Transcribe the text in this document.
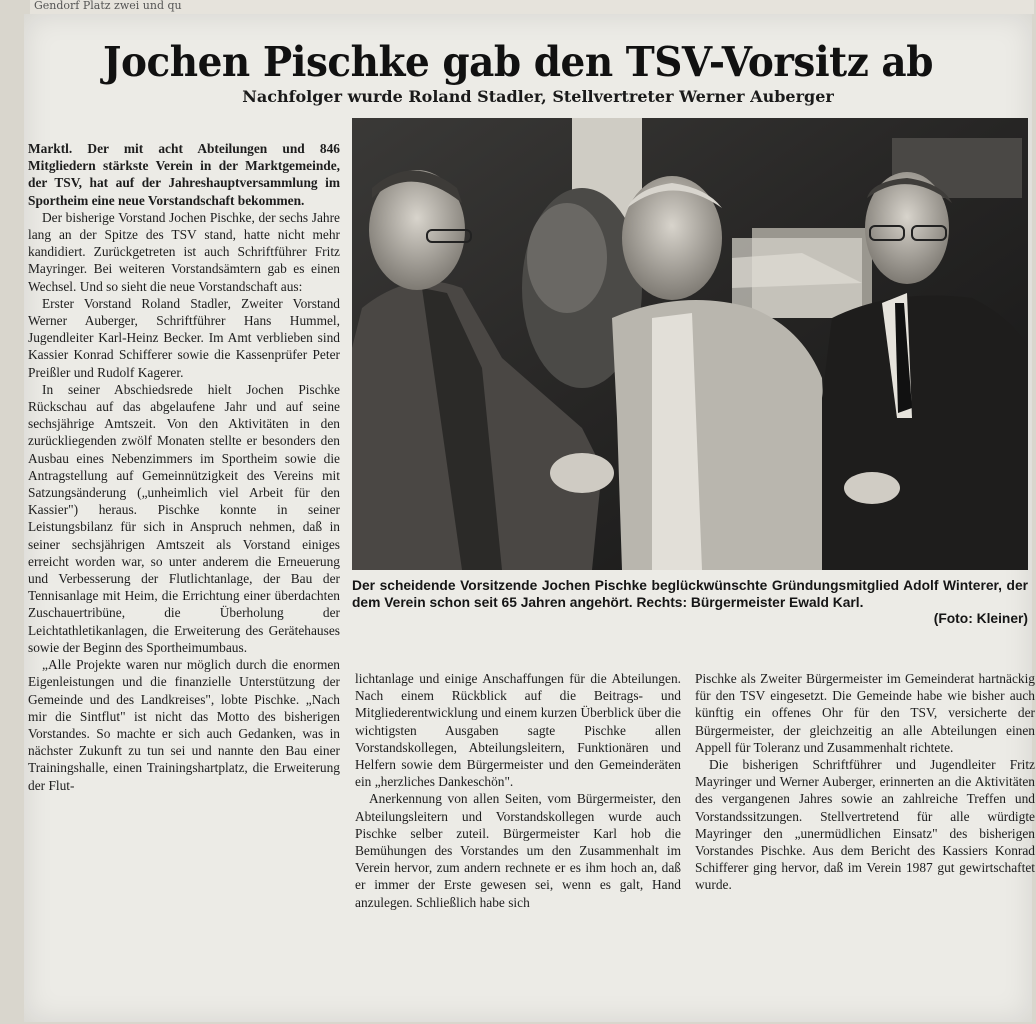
Gendorf Platz zwei und qu
Jochen Pischke gab den TSV-Vorsitz ab
Nachfolger wurde Roland Stadler, Stellvertreter Werner Auberger

Marktl. Der mit acht Abteilungen und 846 Mitgliedern stärkste Verein in der Marktgemeinde, der TSV, hat auf der Jahreshauptversammlung im Sportheim eine neue Vorstandschaft bekommen.

Der bisherige Vorstand Jochen Pischke, der sechs Jahre lang an der Spitze des TSV stand, hatte nicht mehr kandidiert. Zurückgetreten ist auch Schriftführer Fritz Mayringer. Bei weiteren Vorstandsämtern gab es einen Wechsel. Und so sieht die neue Vorstandschaft aus:

Erster Vorstand Roland Stadler, Zweiter Vorstand Werner Auberger, Schriftführer Hans Hummel, Jugendleiter Karl-Heinz Becker. Im Amt verblieben sind Kassier Konrad Schifferer sowie die Kassenprüfer Peter Preißler und Rudolf Kagerer.

In seiner Abschiedsrede hielt Jochen Pischke Rückschau auf das abgelaufene Jahr und auf seine sechsjährige Amtszeit. Von den Aktivitäten in den zurückliegenden zwölf Monaten stellte er besonders den Ausbau eines Nebenzimmers im Sportheim sowie die Antragstellung auf Gemeinnützigkeit des Vereins mit Satzungsänderung („unheimlich viel Arbeit für den Kassier") heraus. Pischke konnte in seiner Leistungsbilanz für sich in Anspruch nehmen, daß in seiner sechsjährigen Amtszeit als Vorstand einiges erreicht worden war, so unter anderem die Erneuerung und Verbesserung der Flutlichtanlage, der Bau der Tennisanlage mit Heim, die Errichtung einer überdachten Zuschauertribüne, die Überholung der Leichtathletikanlagen, die Erweiterung des Gerätehauses sowie der Beginn des Sportheimumbaus.

„Alle Projekte waren nur möglich durch die enormen Eigenleistungen und die finanzielle Unterstützung der Gemeinde und des Landkreises", lobte Pischke. „Nach mir die Sintflut" ist nicht das Motto des bisherigen Vorstandes. So machte er sich auch Gedanken, was in nächster Zukunft zu tun sei und nannte den Bau einer Trainingshalle, einen Trainingshartplatz, die Erweiterung der Flut-

Der scheidende Vorsitzende Jochen Pischke beglückwünschte Gründungsmitglied Adolf Winterer, der dem Verein schon seit 65 Jahren angehört. Rechts: Bürgermeister Ewald Karl.
(Foto: Kleiner)

lichtanlage und einige Anschaffungen für die Abteilungen. Nach einem Rückblick auf die Beitrags- und Mitgliederentwicklung und einem kurzen Überblick über die wichtigsten Ausgaben sagte Pischke allen Vorstandskollegen, Abteilungsleitern, Funktionären und Helfern sowie dem Bürgermeister und den Gemeinderäten ein „herzliches Dankeschön".

Anerkennung von allen Seiten, vom Bürgermeister, den Abteilungsleitern und Vorstandskollegen wurde auch Pischke selber zuteil. Bürgermeister Karl hob die Bemühungen des Vorstandes um den Zusammenhalt im Verein hervor, zum andern rechnete er es ihm hoch an, daß er immer der Erste gewesen sei, wenn es galt, Hand anzulegen. Schließlich habe sich

Pischke als Zweiter Bürgermeister im Gemeinderat hartnäckig für den TSV eingesetzt. Die Gemeinde habe wie bisher auch künftig ein offenes Ohr für den TSV, versicherte der Bürgermeister, der gleichzeitig an alle Abteilungen einen Appell für Toleranz und Zusammenhalt richtete.

Die bisherigen Schriftführer und Jugendleiter Fritz Mayringer und Werner Auberger, erinnerten an die Aktivitäten des vergangenen Jahres sowie an zahlreiche Treffen und Vorstandssitzungen. Stellvertretend für alle würdigte Mayringer den „unermüdlichen Einsatz" des bisherigen Vorstandes Pischke. Aus dem Bericht des Kassiers Konrad Schifferer ging hervor, daß im Verein 1987 gut gewirtschaftet wurde.
